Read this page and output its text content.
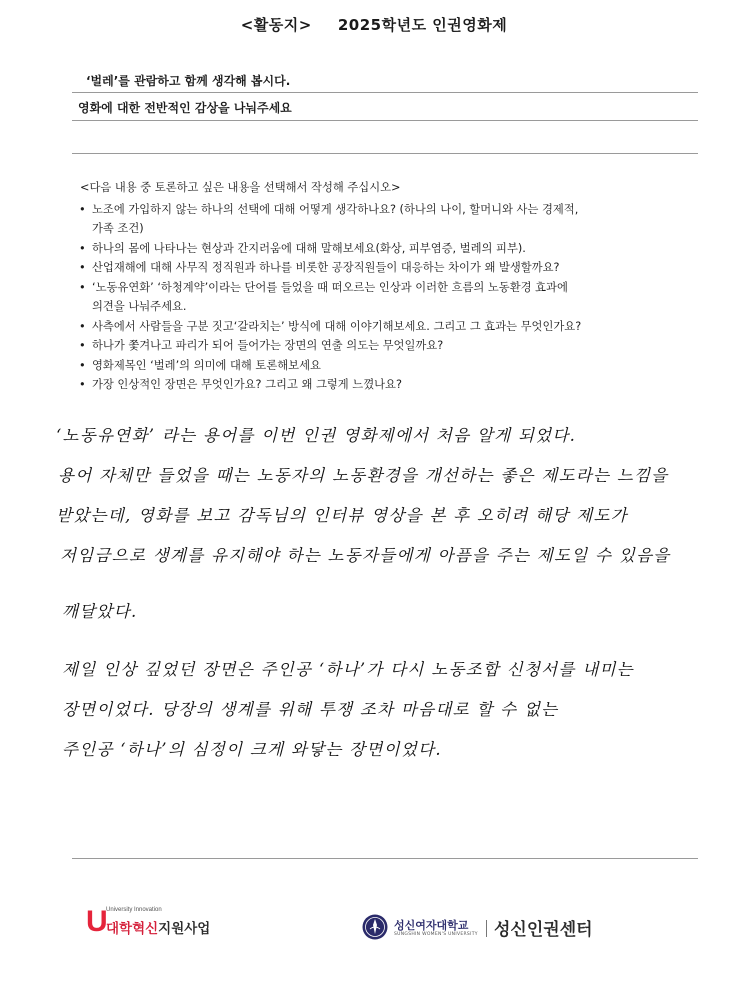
<활동지> 2025학년도 인권영화제
‘벌레’를 관람하고 함께 생각해 봅시다.
영화에 대한 전반적인 감상을 나눠주세요
<다음 내용 중 토론하고 싶은 내용을 선택해서 작성해 주십시오>
• 노조에 가입하지 않는 하나의 선택에 대해 어떻게 생각하나요? (하나의 나이, 할머니와 사는 경제적,
가족 조건)
• 하나의 몸에 나타나는 현상과 간지러움에 대해 말해보세요(화상, 피부염증, 벌레의 피부).
• 산업재해에 대해 사무직 정직원과 하나를 비롯한 공장직원들이 대응하는 차이가 왜 발생할까요?
• ‘노동유연화’ ‘하청계약’이라는 단어를 들었을 때 떠오르는 인상과 이러한 흐름의 노동환경 효과에
의견을 나눠주세요.
• 사측에서 사람들을 구분 짓고‘갈라치는’ 방식에 대해 이야기해보세요. 그리고 그 효과는 무엇인가요?
• 하나가 쫓겨나고 파리가 되어 들어가는 장면의 연출 의도는 무엇일까요?
• 영화제목인 ‘벌레’의 의미에 대해 토론해보세요
• 가장 인상적인 장면은 무엇인가요? 그리고 왜 그렇게 느꼈나요?
‘노동유연화’ 라는 용어를 이번 인권 영화제에서 처음 알게 되었다.
용어 자체만 들었을 때는 노동자의 노동환경을 개선하는 좋은 제도라는 느낌을
받았는데, 영화를 보고 감독님의 인터뷰 영상을 본 후 오히려 해당 제도가
저임금으로 생계를 유지해야 하는 노동자들에게 아픔을 주는 제도일 수 있음을
깨달았다.
제일 인상 깊었던 장면은 주인공 ‘하나’가 다시 노동조합 신청서를 내미는
장면이었다. 당장의 생계를 위해 투쟁 조차 마음대로 할 수 없는
주인공 ‘하나’의 심정이 크게 와닿는 장면이었다.
U
University Innovation
대학혁신지원사업	성신여자대학교
SUNGSHIN WOMEN'S UNIVERSITY 성신인권센터
